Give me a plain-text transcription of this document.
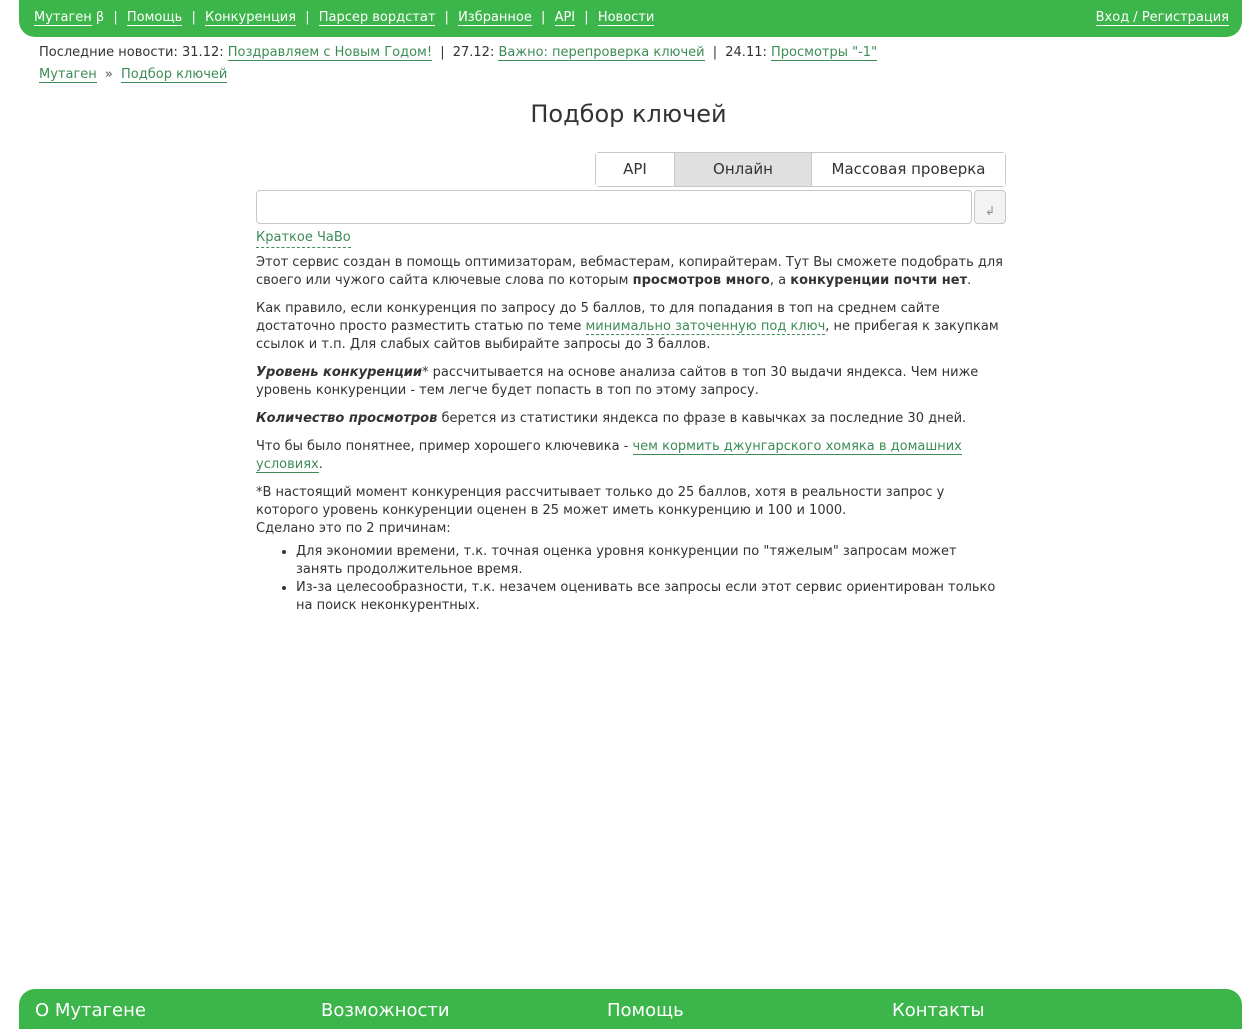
Мутаген β | Помощь | Конкуренция | Парсер вордстат | Избранное | API | Новости	Вход / Регистрация
Последние новости: 31.12: Поздравляем с Новым Годом! | 27.12: Важно: перепроверка ключей | 24.11: Просмотры "-1"
Мутаген » Подбор ключей
Подбор ключей
API	Онлайн	Массовая проверка
↲
Краткое ЧаВо

Этот сервис создан в помощь оптимизаторам, вебмастерам, копирайтерам. Тут Вы сможете подобрать для своего или чужого сайта ключевые слова по которым просмотров много, а конкуренции почти нет.

Как правило, если конкуренция по запросу до 5 баллов, то для попадания в топ на среднем сайте достаточно просто разместить статью по теме минимально заточенную под ключ, не прибегая к закупкам ссылок и т.п. Для слабых сайтов выбирайте запросы до 3 баллов.

Уровень конкуренции* рассчитывается на основе анализа сайтов в топ 30 выдачи яндекса. Чем ниже уровень конкуренции - тем легче будет попасть в топ по этому запросу.

Количество просмотров берется из статистики яндекса по фразе в кавычках за последние 30 дней.

Что бы было понятнее, пример хорошего ключевика - чем кормить джунгарского хомяка в домашних условиях.

*В настоящий момент конкуренция рассчитывает только до 25 баллов, хотя в реальности запрос у которого уровень конкуренции оценен в 25 может иметь конкуренцию и 100 и 1000.
Сделано это по 2 причинам:

• Для экономии времени, т.к. точная оценка уровня конкуренции по "тяжелым" запросам может занять продолжительное время.
• Из-за целесообразности, т.к. незачем оценивать все запросы если этот сервис ориентирован только на поиск неконкурентных.
О Мутагене	Возможности	Помощь	Контакты
